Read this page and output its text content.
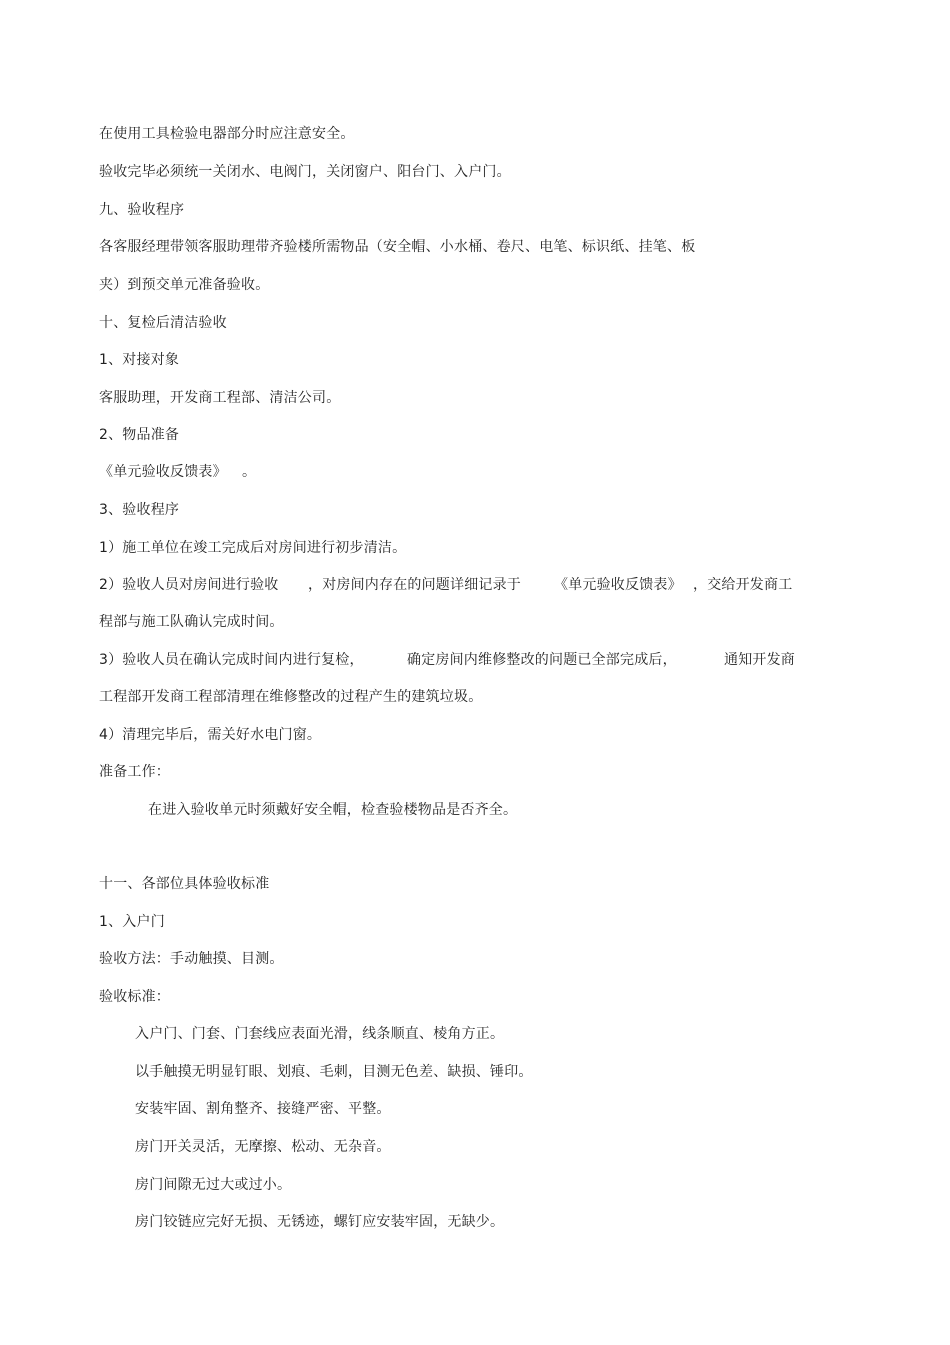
在使用工具检验电器部分时应注意安全。
验收完毕必须统一关闭水、电阀门，关闭窗户、阳台门、入户门。
九、验收程序
各客服经理带领客服助理带齐验楼所需物品（安全帽、小水桶、卷尺、电笔、标识纸、挂笔、板
夹）到预交单元准备验收。
十、复检后清洁验收
1、对接对象
客服助理，开发商工程部、清洁公司。
2、物品准备
《单元验收反馈表》 。
3、验收程序
1）施工单位在竣工完成后对房间进行初步清洁。
2）验收人员对房间进行验收 ，对房间内存在的问题详细记录于 《单元验收反馈表》 ，交给开发商工
程部与施工队确认完成时间。
3）验收人员在确认完成时间内进行复检，	确定房间内维修整改的问题已全部完成后，	通知开发商
工程部开发商工程部清理在维修整改的过程产生的建筑垃圾。
4）清理完毕后，需关好水电门窗。
准备工作：
在进入验收单元时须戴好安全帽，检查验楼物品是否齐全。
十一、各部位具体验收标准
1、入户门
验收方法：手动触摸、目测。
验收标准：
入户门、门套、门套线应表面光滑，线条顺直、棱角方正。
以手触摸无明显钉眼、划痕、毛刺，目测无色差、缺损、锤印。
安装牢固、割角整齐、接缝严密、平整。
房门开关灵活，无摩擦、松动、无杂音。
房门间隙无过大或过小。
房门铰链应完好无损、无锈迹，螺钉应安装牢固，无缺少。
